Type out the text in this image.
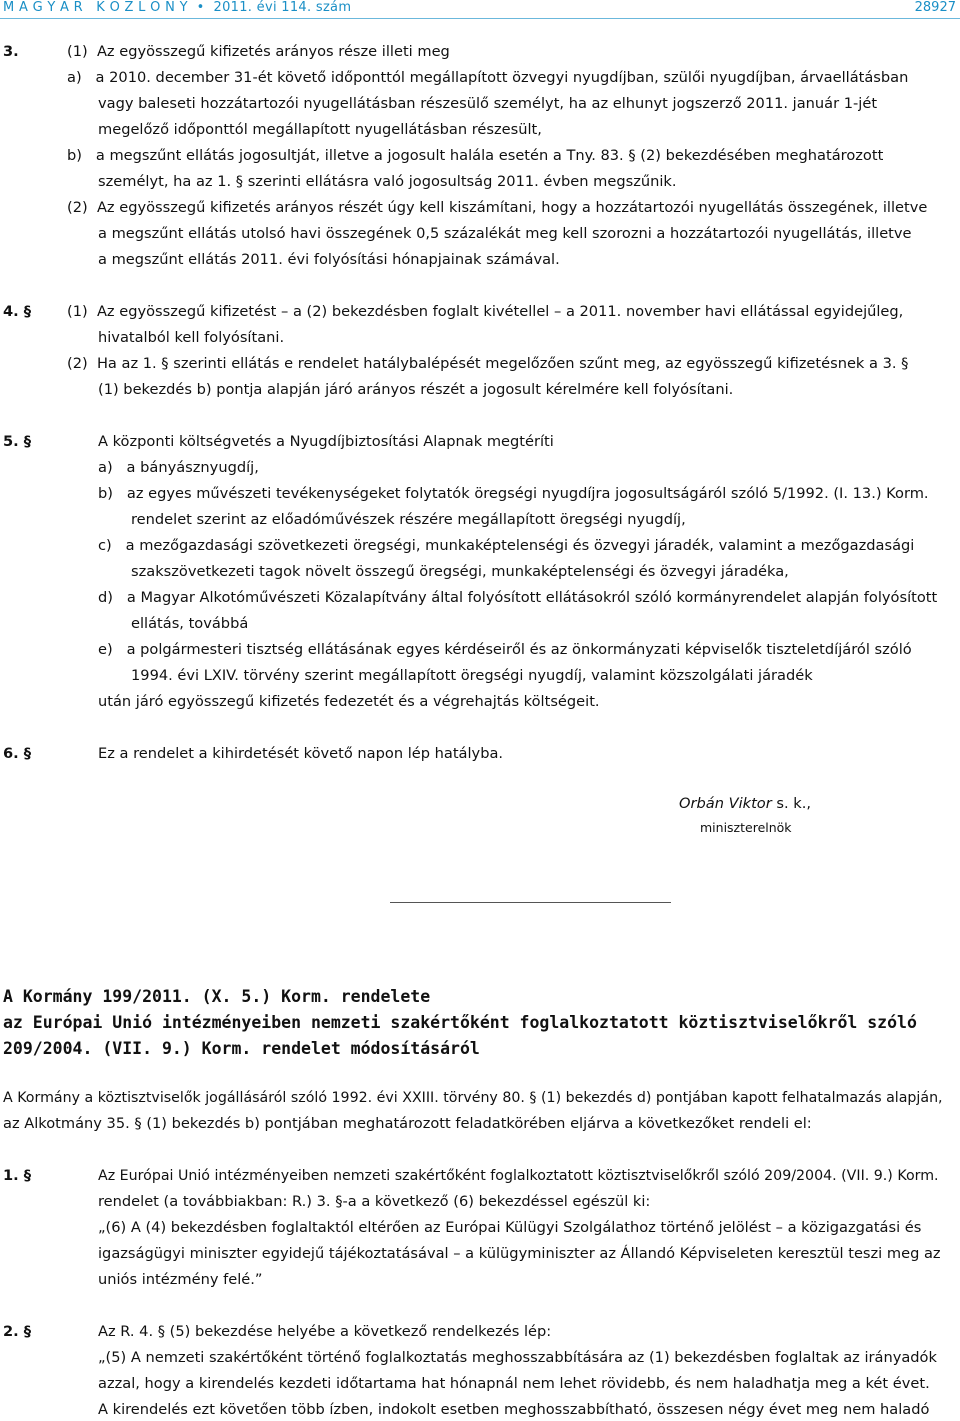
M A G Y A R   K Ö Z L Ö N Y  •  2011. évi 114. szám	28927
3.	(1)  Az egyösszegű kifizetés arányos része illeti meg
a)   a 2010. december 31-ét követő időponttól megállapított özvegyi nyugdíjban, szülői nyugdíjban, árvaellátásban
vagy baleseti hozzátartozói nyugellátásban részesülő személyt, ha az elhunyt jogszerző 2011. január 1-jét
megelőző időponttól megállapított nyugellátásban részesült,
b)   a megszűnt ellátás jogosultját, illetve a jogosult halála esetén a Tny. 83. § (2) bekezdésében meghatározott
személyt, ha az 1. § szerinti ellátásra való jogosultság 2011. évben megszűnik.
(2)  Az egyösszegű kifizetés arányos részét úgy kell kiszámítani, hogy a hozzátartozói nyugellátás összegének, illetve
a megszűnt ellátás utolsó havi összegének 0,5 százalékát meg kell szorozni a hozzátartozói nyugellátás, illetve
a megszűnt ellátás 2011. évi folyósítási hónapjainak számával.
4. § (1)  Az egyösszegű kifizetést – a (2) bekezdésben foglalt kivétellel – a 2011. november havi ellátással egyidejűleg,
hivatalból kell folyósítani.
(2)  Ha az 1. § szerinti ellátás e rendelet hatálybalépését megelőzően szűnt meg, az egyösszegű kifizetésnek a 3. §
(1) bekezdés b) pontja alapján járó arányos részét a jogosult kérelmére kell folyósítani.
5. §	A központi költségvetés a Nyugdíjbiztosítási Alapnak megtéríti
a)   a bányásznyugdíj,
b)   az egyes művészeti tevékenységeket folytatók öregségi nyugdíjra jogosultságáról szóló 5/1992. (I. 13.) Korm.
rendelet szerint az előadóművészek részére megállapított öregségi nyugdíj,
c)   a mezőgazdasági szövetkezeti öregségi, munkaképtelenségi és özvegyi járadék, valamint a mezőgazdasági
szakszövetkezeti tagok növelt összegű öregségi, munkaképtelenségi és özvegyi járadéka,
d)   a Magyar Alkotóművészeti Közalapítvány által folyósított ellátásokról szóló kormányrendelet alapján folyósított
ellátás, továbbá
e)   a polgármesteri tisztség ellátásának egyes kérdéseiről és az önkormányzati képviselők tiszteletdíjáról szóló
1994. évi LXIV. törvény szerint megállapított öregségi nyugdíj, valamint közszolgálati járadék
után járó egyösszegű kifizetés fedezetét és a végrehajtás költségeit.
6. §	Ez a rendelet a kihirdetését követő napon lép hatályba.
Orbán Viktor s. k.,
miniszterelnök
A Kormány 199/2011. (X. 5.) Korm. rendelete
az Európai Unió intézményeiben nemzeti szakértőként foglalkoztatott köztisztviselőkről szóló
209/2004. (VII. 9.) Korm. rendelet módosításáról
A Kormány a köztisztviselők jogállásáról szóló 1992. évi XXIII. törvény 80. § (1) bekezdés d) pontjában kapott felhatalmazás alapján,
az Alkotmány 35. § (1) bekezdés b) pontjában meghatározott feladatkörében eljárva a következőket rendeli el:
1. §	Az Európai Unió intézményeiben nemzeti szakértőként foglalkoztatott köztisztviselőkről szóló 209/2004. (VII. 9.) Korm.
rendelet (a továbbiakban: R.) 3. §-a a következő (6) bekezdéssel egészül ki:
„(6) A (4) bekezdésben foglaltaktól eltérően az Európai Külügyi Szolgálathoz történő jelölést – a közigazgatási és
igazságügyi miniszter egyidejű tájékoztatásával – a külügyminiszter az Állandó Képviseleten keresztül teszi meg az
uniós intézmény felé.”
2. §	Az R. 4. § (5) bekezdése helyébe a következő rendelkezés lép:
„(5) A nemzeti szakértőként történő foglalkoztatás meghosszabbítására az (1) bekezdésben foglaltak az irányadók
azzal, hogy a kirendelés kezdeti időtartama hat hónapnál nem lehet rövidebb, és nem haladhatja meg a két évet.
A kirendelés ezt követően több ízben, indokolt esetben meghosszabbítható, összesen négy évet meg nem haladó
